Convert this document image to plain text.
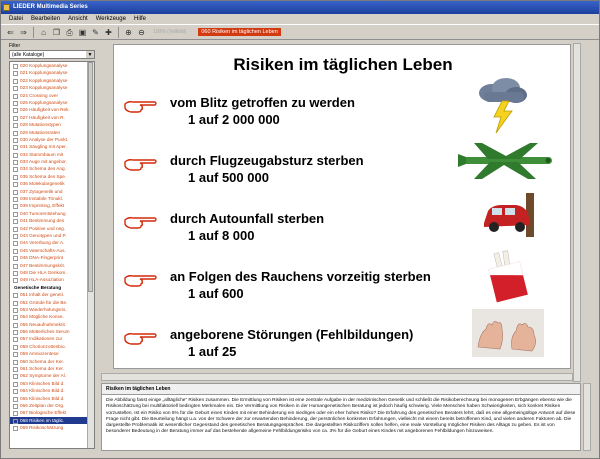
LIEDER Multimedia Series
Datei Bearbeiten Ansicht Werkzeuge Hilfe
⇐ ⇒	⌂ ❐ ⎙ ▣ ✎ ✚ ⊕ ⊖	100% (Vollbild)	060 Risiken im täglichen Leben
Filter
(alle Kataloge)	▼
020 Kopplungsanalyse
021 Kopplungsanalyse
022 Kopplungsanalyse
023 Kopplungsanalyse
024 Crossing over
025 Kopplungsanalyse
026 Häufigkeit von Rek.
027 Häufigkeit von R.
028 Mutationstypen
029 Mutationsraten
030 Analyse der Punkt.
031 Säugling mit Aper.
032 Stammbaum mit
033 Auge mit angebor.
034 Schema des Ang.
035 Schema des Spe.
036 Molekulargenetik
037 Zytogenetik und
038 Instabile Trinukl.
039 Imprinting, Effekt
040 Tumorentstehung
041 Bestimmung des
042 Positive und neg.
043 Genotypen und P.
044 Vererbung der A.
045 Vaterschafts-Aus.
046 DNA-Fingerprint
047 Bestimmungskrit.
048 Die HLA Genkom.
049 HLA-Assoziation
Genetische Beratung
051 Inhalt der geneti.
052 Gründe für die Be.
053 Wiederholungsris.
054 Mögliche Konse.
055 Neuaufnahmekrit.
056 Mütterliches Serum
057 Indikationen zur
058 Chorionzottenbio.
059 Amniozentese
060 Schema der Ker.
061 Schema der Ker.
062 Symptome der Al.
063 Klinisches Bild d.
064 Klinisches Bild d.
065 Klinisches Bild d.
066 Zeitplan der Org.
067 Biologische Effekt
068 Risiken im täglic.
069 Risikoschätzung
Risiken im täglichen Leben
vom Blitz getroffen zu werden
1 auf 2 000 000
durch Flugzeugabsturz sterben
1 auf 500 000
durch Autounfall sterben
1 auf 8 000
an Folgen des Rauchens vorzeitig sterben
1 auf 600
angeborene Störungen (Fehlbildungen)
1 auf 25
Risiken im täglichen Leben
Die Abbildung fasst einige „alltägliche“ Risiken zusammen. Die Ermittlung von Risiken ist eine zentrale Aufgabe in der medizinischen Genetik und schließt die Risikoberechnung bei monogenen Erbgängen ebenso wie die Risikoschätzung bei multifaktoriell bedingten Merkmalen ein. Die Vermittlung von Risiken in der Humangenetischen Beratung ist jedoch häufig schwierig. Viele Menschen haben Schwierigkeiten, sich konkret Risiken vorzustellen. Ist ein Risiko von 5% für die Geburt eines Kindes mit einer Behinderung ein niedriges oder ein eher hohes Risiko? Die Erfahrung des genetischen Beraters lehrt, daß es eine allgemeingültige Antwort auf diese Frage nicht gibt. Die Beurteilung hängt u.a. von der Schwere der zur erwartenden Behinderung, der persönlichen konkreten Erfahrungen, vielleicht mit einem bereits betroffenen Kind, und vielen anderen Faktoren ab. Die dargestellte Problematik ist wesentlicher Gegenstand des genetischen Beratungsgespräches. Die dargestellten Risikoziffern sollen helfen, eine reale Vorstellung möglicher Risiken des Alltags zu geben. Es ist von besonderer Bedeutung in der Beratung immer auf das bestehende allgemeine Fehlbildungsrisiko von ca. 3% für die Geburt eines Kindes mit angeborenen Fehlbildungen hinzuweisen.
